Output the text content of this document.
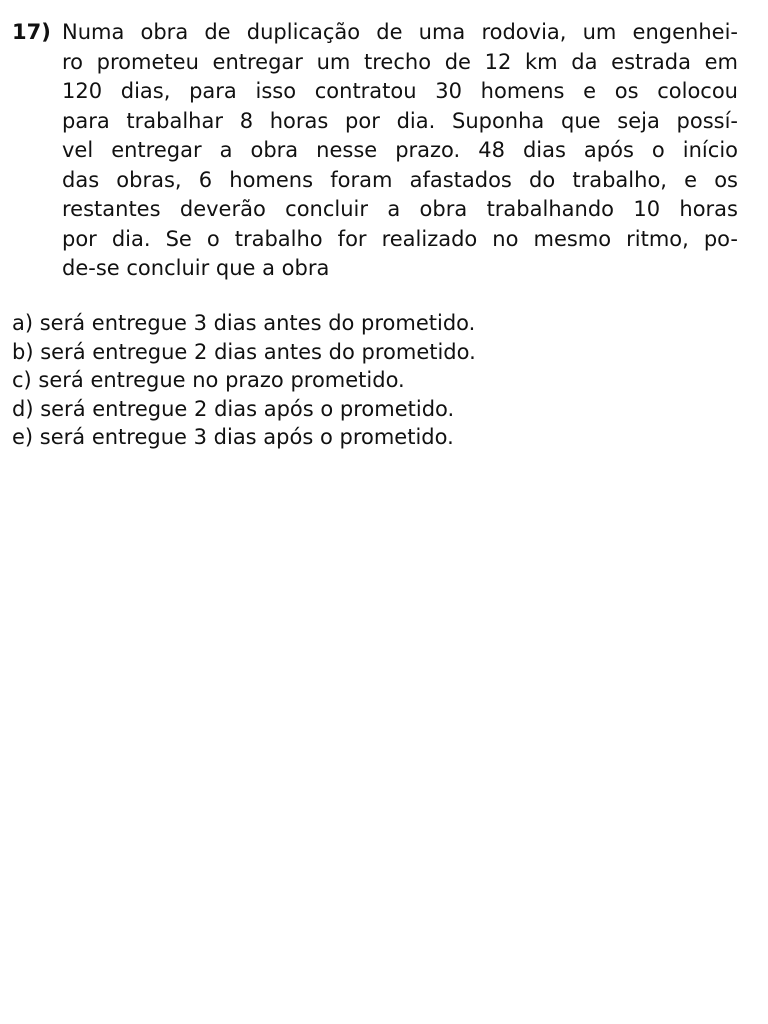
17) Numa obra de duplicação de uma rodovia, um engenhei-
ro prometeu entregar um trecho de 12 km da estrada em
120 dias, para isso contratou 30 homens e os colocou
para trabalhar 8 horas por dia. Suponha que seja possí-
vel entregar a obra nesse prazo. 48 dias após o início
das obras, 6 homens foram afastados do trabalho, e os
restantes deverão concluir a obra trabalhando 10 horas
por dia. Se o trabalho for realizado no mesmo ritmo, po-
de-se concluir que a obra
a) será entregue 3 dias antes do prometido.
b) será entregue 2 dias antes do prometido.
c) será entregue no prazo prometido.
d) será entregue 2 dias após o prometido.
e) será entregue 3 dias após o prometido.
